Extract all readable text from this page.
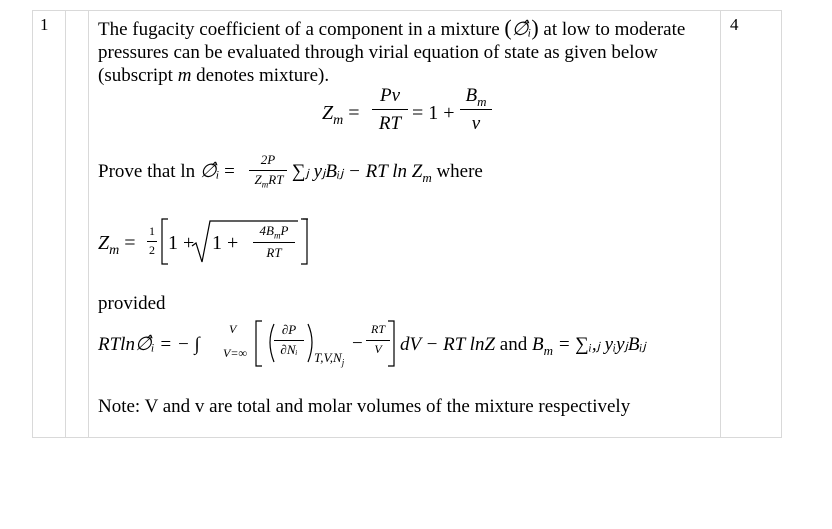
1	4
The fugacity coefficient of a component in a mixture (∅̂ᵢ) at low to moderate
pressures can be evaluated through virial equation of state as given below
(subscript m denotes mixture).
$Z_m$ =
Pv
RT = 1 +
$B_m$
v
Prove that ln ∅̂ᵢ =
2P
$Z_mRT$ ∑ⱼ yⱼBᵢⱼ − RT $\ln Z_m$ where
$Z_m$ =
1
2 1 + 1 +
$4B_mP$
RT
provided
RTln∅̂ᵢ = − ∫
V
V=∞
∂P
∂Nᵢ
$T,V,N_j$
−
RT
V dV − RT lnZ and $B_m$ = ∑ᵢ,ⱼ yᵢyⱼBᵢⱼ
Note: V and v are total and molar volumes of the mixture respectively
